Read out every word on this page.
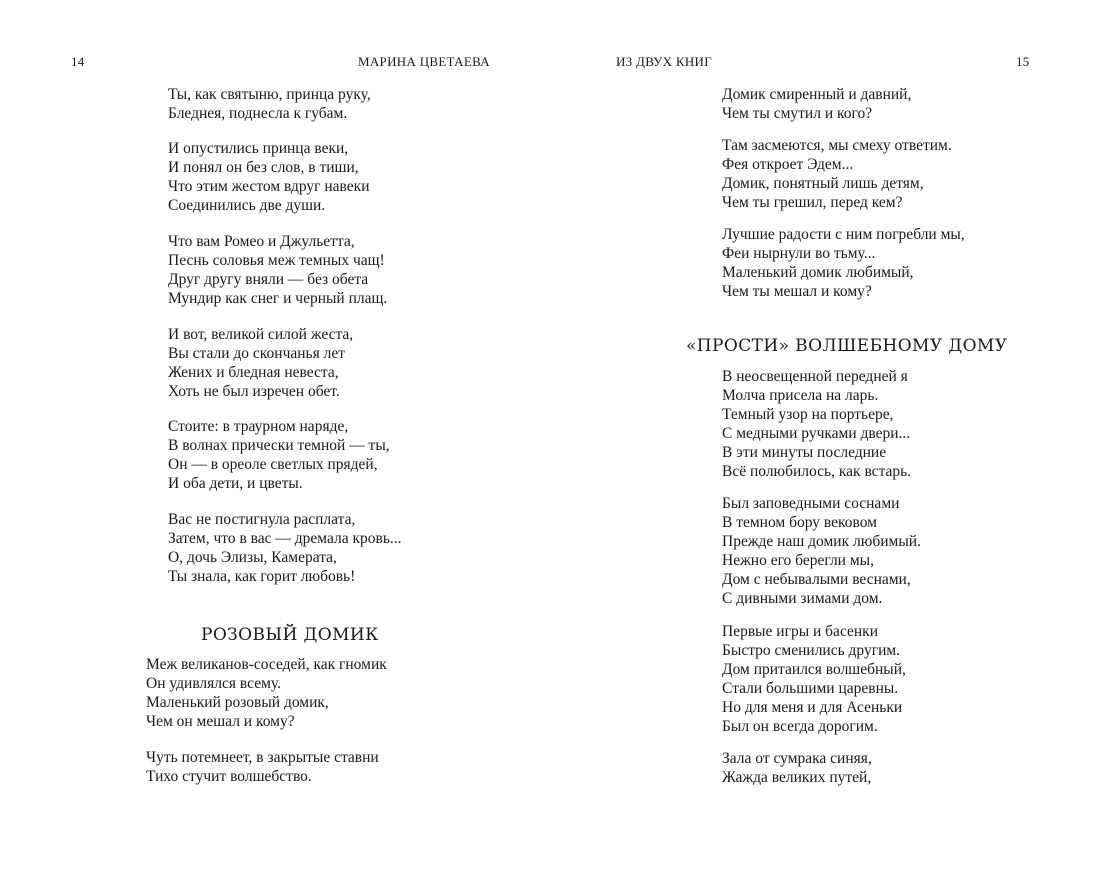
14	МАРИНА ЦВЕТАЕВА	ИЗ ДВУХ КНИГ	15
Ты, как святыню, принца руку,
Бледнея, поднесла к губам.
И опустились принца веки,
И понял он без слов, в тиши,
Что этим жестом вдруг навеки
Соединились две души.
Что вам Ромео и Джульетта,
Песнь соловья меж темных чащ!
Друг другу вняли — без обета
Мундир как снег и черный плащ.
И вот, великой силой жеста,
Вы стали до скончанья лет
Жених и бледная невеста,
Хоть не был изречен обет.
Стоите: в траурном наряде,
В волнах прически темной — ты,
Он — в ореоле светлых прядей,
И оба дети, и цветы.
Вас не постигнула расплата,
Затем, что в вас — дремала кровь...
О, дочь Элизы, Камерата,
Ты знала, как горит любовь!
РОЗОВЫЙ ДОМИК
Меж великанов-соседей, как гномик
Он удивлялся всему.
Маленький розовый домик,
Чем он мешал и кому?
Чуть потемнеет, в закрытые ставни
Тихо стучит волшебство.
Домик смиренный и давний,
Чем ты смутил и кого?
Там засмеются, мы смеху ответим.
Фея откроет Эдем...
Домик, понятный лишь детям,
Чем ты грешил, перед кем?
Лучшие радости с ним погребли мы,
Феи нырнули во тьму...
Маленький домик любимый,
Чем ты мешал и кому?
«ПРОСТИ» ВОЛШЕБНОМУ ДОМУ
В неосвещенной передней я
Молча присела на ларь.
Темный узор на портьере,
С медными ручками двери...
В эти минуты последние
Всё полюбилось, как встарь.
Был заповедными соснами
В темном бору вековом
Прежде наш домик любимый.
Нежно его берегли мы,
Дом с небывалыми веснами,
С дивными зимами дом.
Первые игры и басенки
Быстро сменились другим.
Дом притаился волшебный,
Стали большими царевны.
Но для меня и для Асеньки
Был он всегда дорогим.
Зала от сумрака синяя,
Жажда великих путей,
